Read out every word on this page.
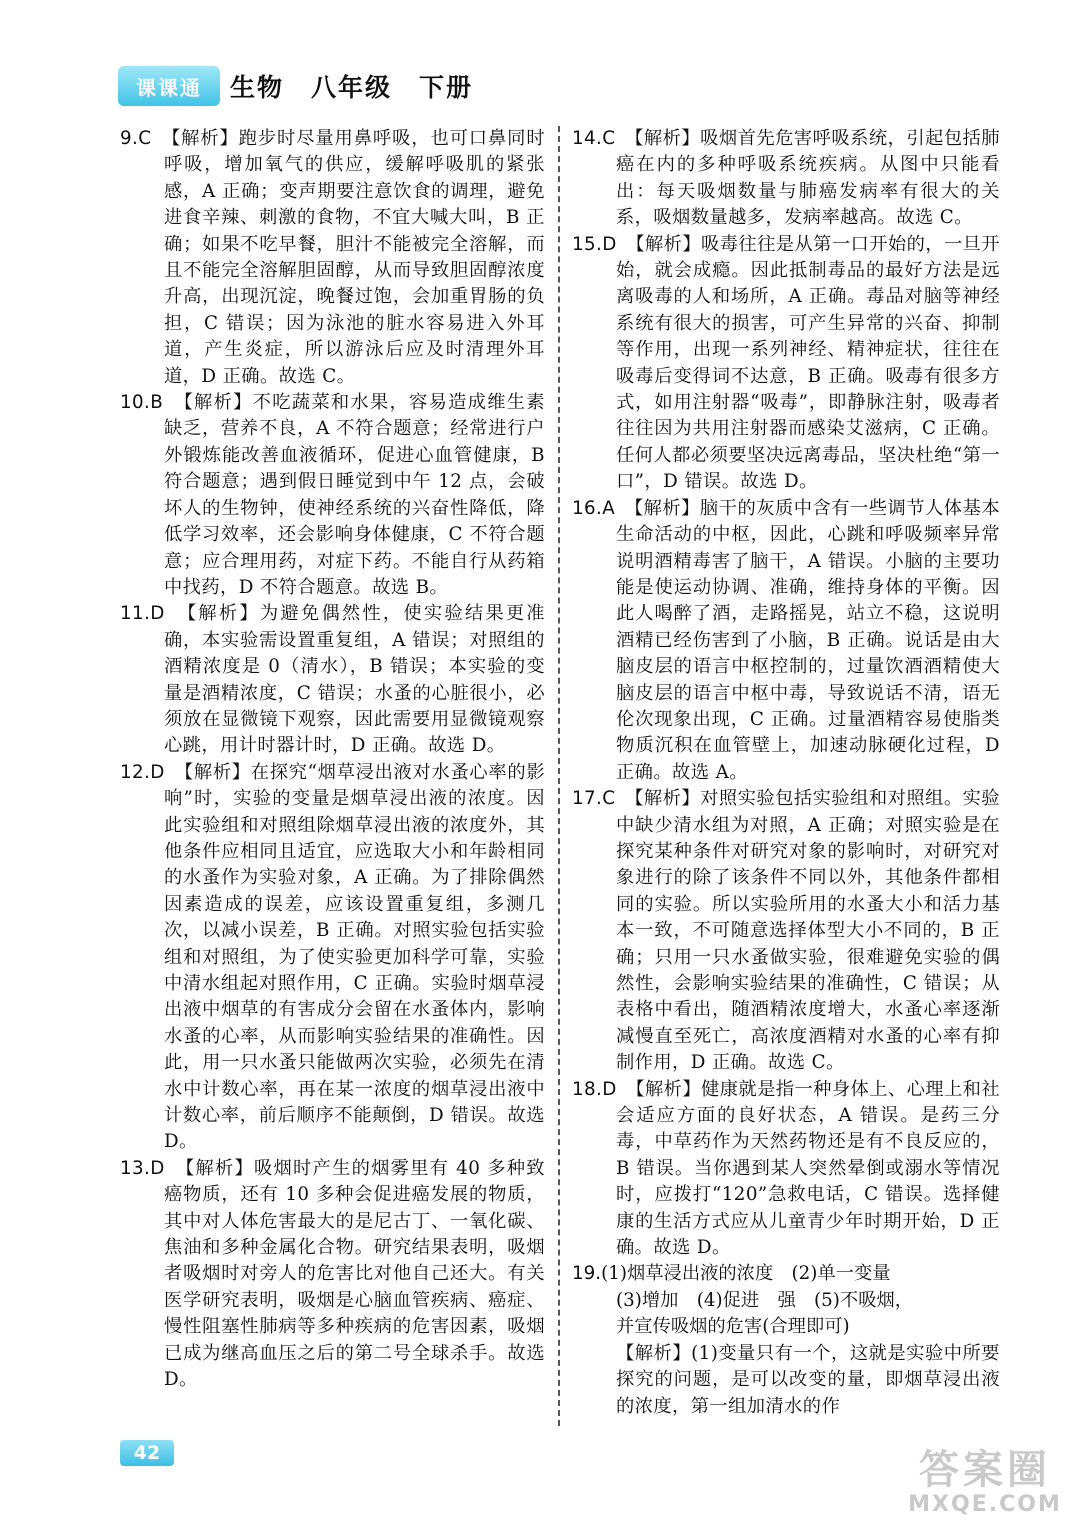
课课通 生物　八年级　下册

9.C　 【解析】跑步时尽量用鼻呼吸，也可口鼻同时呼吸，增加氧气的供应，缓解呼吸肌的紧张感，A 正确；变声期要注意饮食的调理，避免进食辛辣、刺激的食物，不宜大喊大叫，B 正确；如果不吃早餐，胆汁不能被完全溶解，而且不能完全溶解胆固醇，从而导致胆固醇浓度升高，出现沉淀，晚餐过饱，会加重胃肠的负担，C 错误；因为泳池的脏水容易进入外耳道，产生炎症，所以游泳后应及时清理外耳道，D 正确。故选 C。

10.B　 【解析】不吃蔬菜和水果，容易造成维生素缺乏，营养不良，A 不符合题意；经常进行户外锻炼能改善血液循环，促进心血管健康，B 符合题意；遇到假日睡觉到中午 12 点，会破坏人的生物钟，使神经系统的兴奋性降低，降低学习效率，还会影响身体健康，C 不符合题意；应合理用药，对症下药。不能自行从药箱中找药，D 不符合题意。故选 B。

11.D　 【解析】为避免偶然性，使实验结果更准确，本实验需设置重复组，A 错误；对照组的酒精浓度是 0（清水），B 错误；本实验的变量是酒精浓度，C 错误；水蚤的心脏很小，必须放在显微镜下观察，因此需要用显微镜观察心跳，用计时器计时，D 正确。故选 D。

12.D　 【解析】在探究“烟草浸出液对水蚤心率的影响”时，实验的变量是烟草浸出液的浓度。因此实验组和对照组除烟草浸出液的浓度外，其他条件应相同且适宜，应选取大小和年龄相同的水蚤作为实验对象，A 正确。为了排除偶然因素造成的误差，应该设置重复组，多测几次，以减小误差，B 正确。对照实验包括实验组和对照组，为了使实验更加科学可靠，实验中清水组起对照作用，C 正确。实验时烟草浸出液中烟草的有害成分会留在水蚤体内，影响水蚤的心率，从而影响实验结果的准确性。因此，用一只水蚤只能做两次实验，必须先在清水中计数心率，再在某一浓度的烟草浸出液中计数心率，前后顺序不能颠倒，D 错误。故选 D。

13.D　 【解析】吸烟时产生的烟雾里有 40 多种致癌物质，还有 10 多种会促进癌发展的物质，其中对人体危害最大的是尼古丁、一氧化碳、焦油和多种金属化合物。研究结果表明，吸烟者吸烟时对旁人的危害比对他自己还大。有关医学研究表明，吸烟是心脑血管疾病、癌症、慢性阻塞性肺病等多种疾病的危害因素，吸烟已成为继高血压之后的第二号全球杀手。故选 D。

14.C　 【解析】吸烟首先危害呼吸系统，引起包括肺癌在内的多种呼吸系统疾病。从图中只能看出：每天吸烟数量与肺癌发病率有很大的关系，吸烟数量越多，发病率越高。故选 C。

15.D　 【解析】吸毒往往是从第一口开始的，一旦开始，就会成瘾。因此抵制毒品的最好方法是远离吸毒的人和场所，A 正确。毒品对脑等神经系统有很大的损害，可产生异常的兴奋、抑制等作用，出现一系列神经、精神症状，往往在吸毒后变得词不达意，B 正确。吸毒有很多方式，如用注射器“吸毒”，即静脉注射，吸毒者往往因为共用注射器而感染艾滋病，C 正确。任何人都必须要坚决远离毒品，坚决杜绝“第一口”，D 错误。故选 D。

16.A　 【解析】脑干的灰质中含有一些调节人体基本生命活动的中枢，因此，心跳和呼吸频率异常说明酒精毒害了脑干，A 错误。小脑的主要功能是使运动协调、准确，维持身体的平衡。因此人喝醉了酒，走路摇晃，站立不稳，这说明酒精已经伤害到了小脑，B 正确。说话是由大脑皮层的语言中枢控制的，过量饮酒酒精使大脑皮层的语言中枢中毒，导致说话不清，语无伦次现象出现，C 正确。过量酒精容易使脂类物质沉积在血管壁上，加速动脉硬化过程，D 正确。故选 A。

17.C　 【解析】对照实验包括实验组和对照组。实验中缺少清水组为对照，A 正确；对照实验是在探究某种条件对研究对象的影响时，对研究对象进行的除了该条件不同以外，其他条件都相同的实验。所以实验所用的水蚤大小和活力基本一致，不可随意选择体型大小不同的，B 正确；只用一只水蚤做实验，很难避免实验的偶然性，会影响实验结果的准确性，C 错误；从表格中看出，随酒精浓度增大，水蚤心率逐渐减慢直至死亡，高浓度酒精对水蚤的心率有抑制作用，D 正确。故选 C。

18.D　 【解析】健康就是指一种身体上、心理上和社会适应方面的良好状态，A 错误。是药三分毒，中草药作为天然药物还是有不良反应的，B 错误。当你遇到某人突然晕倒或溺水等情况时，应拨打“120”急救电话，C 错误。选择健康的生活方式应从儿童青少年时期开始，D 正确。故选 D。

19.(1)烟草浸出液的浓度　(2)单一变量

(3)增加　(4)促进　强　(5)不吸烟，

并宣传吸烟的危害(合理即可)

【解析】(1)变量只有一个，这就是实验中所要探究的问题，是可以改变的量，即烟草浸出液的浓度，第一组加清水的作

42	答案圈
MXQE.COM
